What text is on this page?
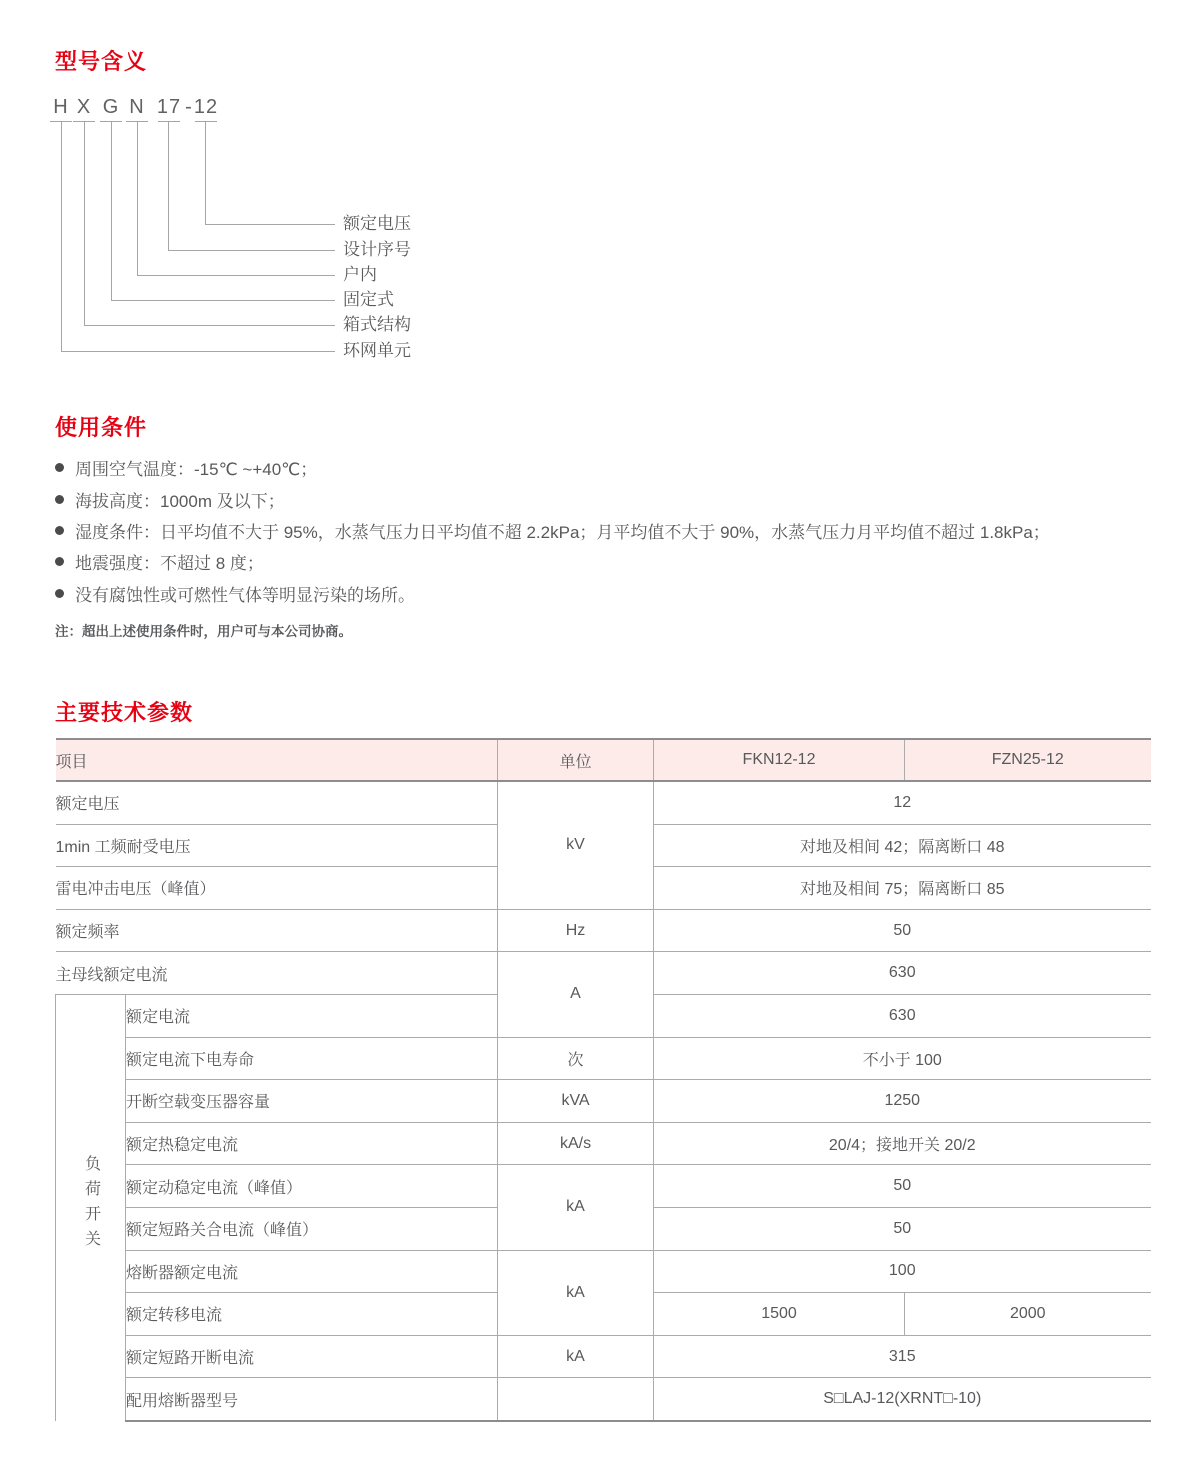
型号含义
H X G N 17 - 12
额定电压
设计序号
户内
固定式
箱式结构
环网单元
使用条件
周围空气温度：-15℃ ~+40℃；
海拔高度：1000m 及以下；
湿度条件：日平均值不大于 95%，水蒸气压力日平均值不超 2.2kPa；月平均值不大于 90%，水蒸气压力月平均值不超过 1.8kPa；
地震强度：不超过 8 度；
没有腐蚀性或可燃性气体等明显污染的场所。
注：超出上述使用条件时，用户可与本公司协商。
主要技术参数
项目		单位	FKN12-12	FZN25-12
额定电压		kV	12	
1min 工频耐受电压			对地及相间 42；隔离断口 48	
雷电冲击电压（峰值）			对地及相间 75；隔离断口 85	
额定频率		Hz	50	
主母线额定电流		A	630	
负荷开关	额定电流		630	
	额定电流下电寿命	次	不小于 100	
	开断空载变压器容量	kVA	1250	
	额定热稳定电流	kA/s	20/4；接地开关 20/2	
	额定动稳定电流（峰值）	kA	50	
	额定短路关合电流（峰值）		50	
	熔断器额定电流	kA	100	
	额定转移电流		1500	2000
	额定短路开断电流	kA	315	
	配用熔断器型号		S□LAJ-12(XRNT□-10)	
